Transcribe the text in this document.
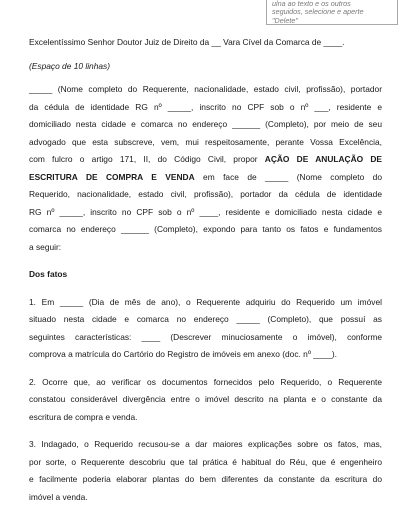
ulna ao texto e os outros
seguidos, selecione e aperte
"Delete"

Excelentíssimo Senhor Doutor Juiz de Direito da __ Vara Cível da Comarca de ____.

(Espaço de 10 linhas)

_____ (Nome completo do Requerente, nacionalidade, estado civil, profissão), portador
da cédula de identidade RG nº _____, inscrito no CPF sob o nº ___, residente e
domiciliado nesta cidade e comarca no endereço ______ (Completo), por meio de seu
advogado que esta subscreve, vem, mui respeitosamente, perante Vossa Excelência,
com fulcro o artigo 171, II, do Código Civil, propor AÇÃO DE ANULAÇÃO DE
ESCRITURA DE COMPRA E VENDA em face de _____ (Nome completo do
Requerido, nacionalidade, estado civil, profissão), portador da cédula de identidade
RG nº _____, inscrito no CPF sob o nº ____, residente e domiciliado nesta cidade e
comarca no endereço ______ (Completo), expondo para tanto os fatos e fundamentos
a seguir:

Dos fatos

1. Em _____ (Dia de mês de ano), o Requerente adquiriu do Requerido um imóvel
situado nesta cidade e comarca no endereço _____ (Completo), que possuí as
seguintes características: ____ (Descrever minuciosamente o imóvel), conforme
comprova a matrícula do Cartório do Registro de imóveis em anexo (doc. nº ____).

2. Ocorre que, ao verificar os documentos fornecidos pelo Requerido, o Requerente
constatou considerável divergência entre o imóvel descrito na planta e o constante da
escritura de compra e venda.

3. Indagado, o Requerido recusou-se a dar maiores explicações sobre os fatos, mas,
por sorte, o Requerente descobriu que tal prática é habitual do Réu, que é engenheiro
e facilmente poderia elaborar plantas do bem diferentes da constante da escritura do
imóvel a venda.
